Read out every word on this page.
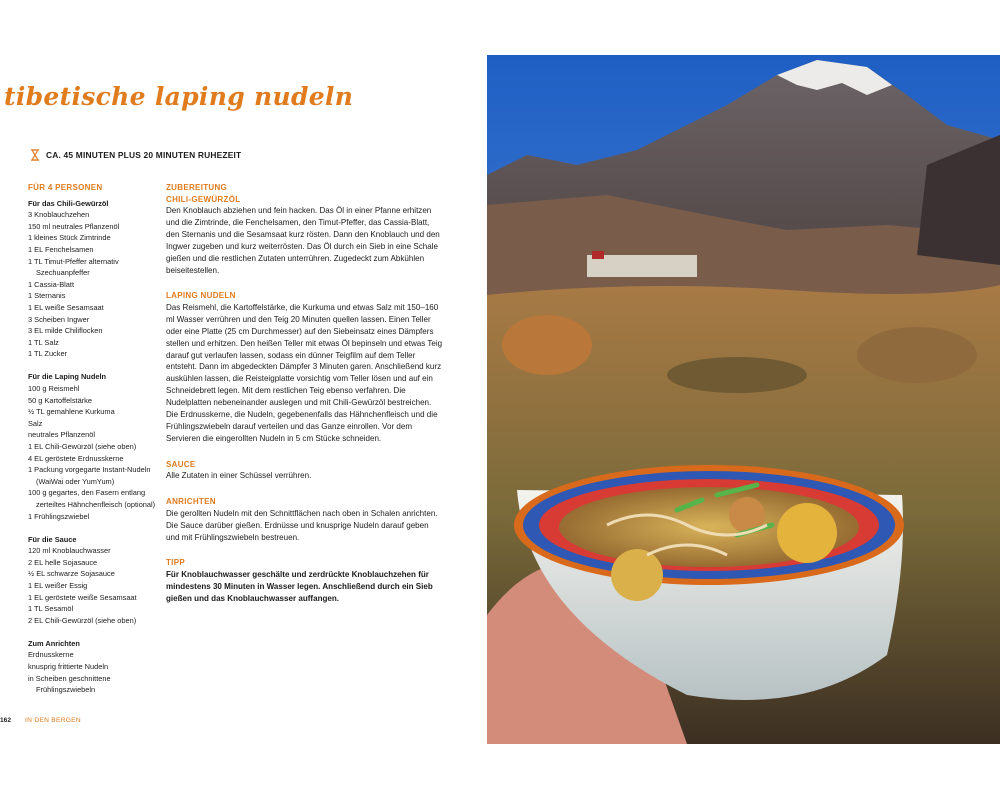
tibetische laping nudeln
CA. 45 MINUTEN PLUS 20 MINUTEN RUHEZEIT
FÜR 4 PERSONEN
Für das Chili-Gewürzöl
3 Knoblauchzehen
150 ml neutrales Pflanzenöl
1 kleines Stück Zimtrinde
1 EL Fenchelsamen
1 TL Timut-Pfeffer alternativ Szechuanpfeffer
1 Cassia-Blatt
1 Sternanis
1 EL weiße Sesamsaat
3 Scheiben Ingwer
3 EL milde Chiliflocken
1 TL Salz
1 TL Zucker
Für die Laping Nudeln
100 g Reismehl
50 g Kartoffelstärke
½ TL gemahlene Kurkuma
Salz
neutrales Pflanzenöl
1 EL Chili-Gewürzöl (siehe oben)
4 EL geröstete Erdnusskerne
1 Packung vorgegarte Instant-Nudeln (WaiWai oder YumYum)
100 g gegartes, den Fasern entlang zerteiltes Hähnchenfleisch (optional)
1 Frühlingszwiebel
Für die Sauce
120 ml Knoblauchwasser
2 EL helle Sojasauce
½ EL schwarze Sojasauce
1 EL weißer Essig
1 EL geröstete weiße Sesamsaat
1 TL Sesamöl
2 EL Chili-Gewürzöl (siehe oben)
Zum Anrichten
Erdnusskerne
knusprig frittierte Nudeln
in Scheiben geschnittene Frühlingszwiebeln
ZUBEREITUNG
CHILI-GEWÜRZÖL

Den Knoblauch abziehen und fein hacken. Das Öl in einer Pfanne erhitzen und die Zimtrinde, die Fenchelsamen, den Timut-Pfeffer, das Cassia-Blatt, den Sternanis und die Sesamsaat kurz rösten. Dann den Knoblauch und den Ingwer zugeben und kurz weiterrösten. Das Öl durch ein Sieb in eine Schale gießen und die restlichen Zutaten unterrühren. Zugedeckt zum Abkühlen beiseitestellen.

LAPING NUDELN

Das Reismehl, die Kartoffelstärke, die Kurkuma und etwas Salz mit 150–160 ml Wasser verrühren und den Teig 20 Minuten quellen lassen. Einen Teller oder eine Platte (25 cm Durchmesser) auf den Siebeinsatz eines Dämpfers stellen und erhitzen. Den heißen Teller mit etwas Öl bepinseln und etwas Teig darauf gut verlaufen lassen, sodass ein dünner Teigfilm auf dem Teller entsteht. Dann im abgedeckten Dämpfer 3 Minuten garen. Anschließend kurz auskühlen lassen, die Reisteigplatte vorsichtig vom Teller lösen und auf ein Schneidebrett legen. Mit dem restlichen Teig ebenso verfahren. Die Nudelplatten nebeneinander auslegen und mit Chili-Gewürzöl bestreichen. Die Erdnusskerne, die Nudeln, gegebenenfalls das Hähnchenfleisch und die Frühlingszwiebeln darauf verteilen und das Ganze einrollen. Vor dem Servieren die eingerollten Nudeln in 5 cm Stücke schneiden.

SAUCE

Alle Zutaten in einer Schüssel verrühren.

ANRICHTEN

Die gerollten Nudeln mit den Schnittflächen nach oben in Schalen anrichten. Die Sauce darüber gießen. Erdnüsse und knusprige Nudeln darauf geben und mit Frühlingszwiebeln bestreuen.

TIPP

Für Knoblauchwasser geschälte und zerdrückte Knoblauchzehen für mindestens 30 Minuten in Wasser legen. Anschließend durch ein Sieb gießen und das Knoblauchwasser auffangen.

162 IN DEN BERGEN
